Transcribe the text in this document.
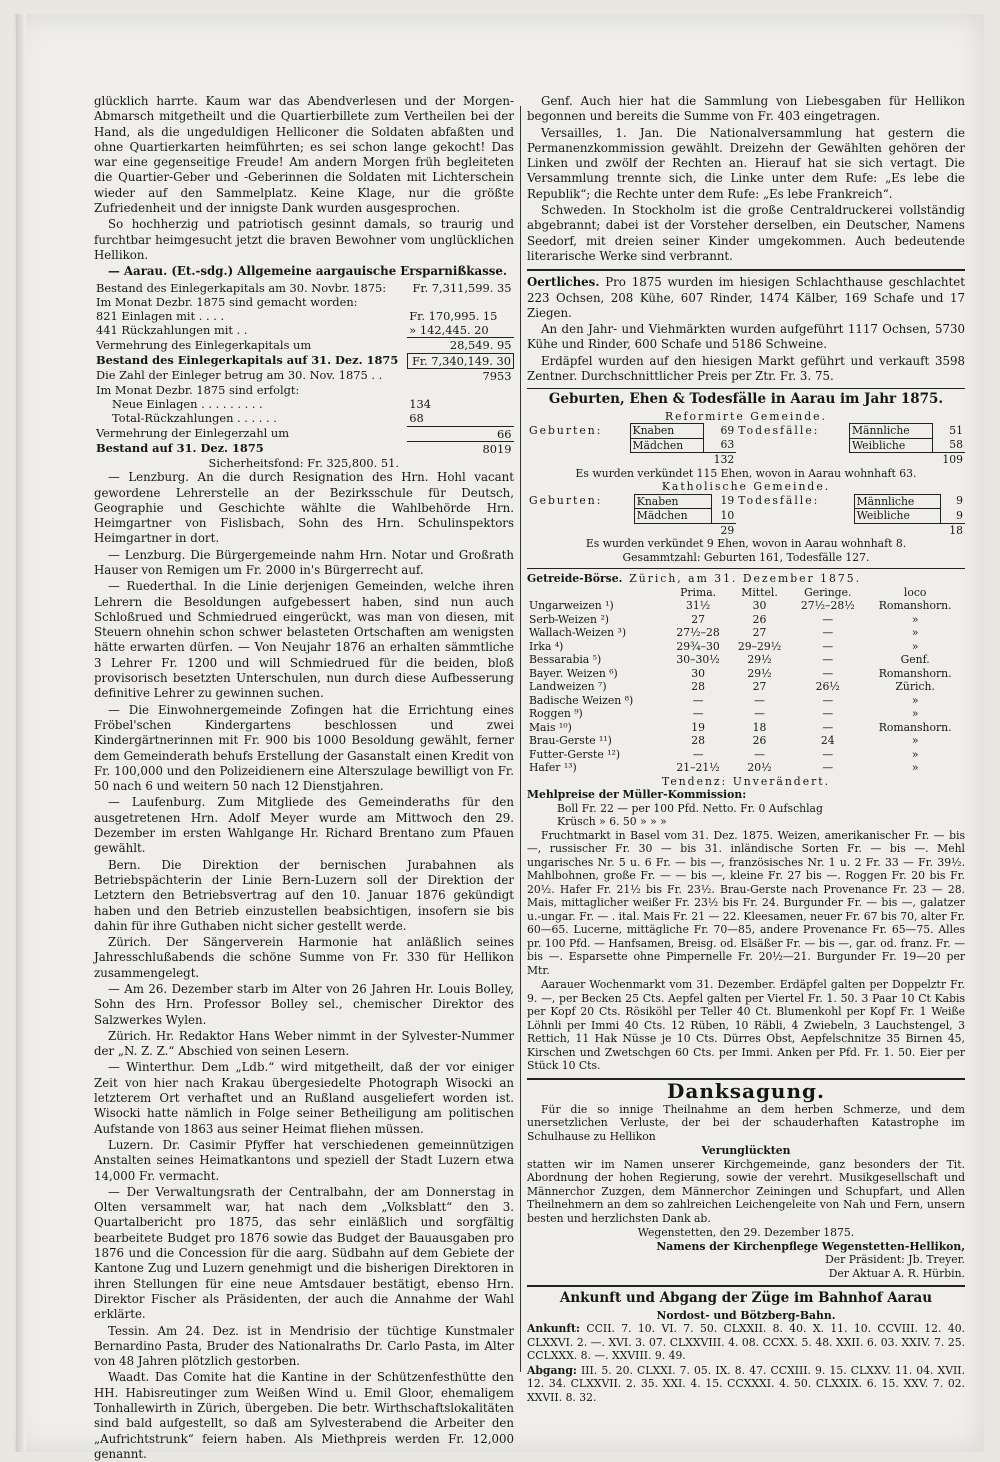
glücklich harrte. Kaum war das Abendverlesen und der Morgen-Abmarsch mitgetheilt und die Quartierbillete zum Vertheilen bei der Hand, als die ungeduldigen Helliconer die Soldaten abfaßten und ohne Quartierkarten heimführten; es sei schon lange gekocht! Das war eine gegenseitige Freude! Am andern Morgen früh begleiteten die Quartier-Geber und -Geberinnen die Soldaten mit Lichterschein wieder auf den Sammelplatz. Keine Klage, nur die größte Zufriedenheit und der innigste Dank wurden ausgesprochen.

So hochherzig und patriotisch gesinnt damals, so traurig und furchtbar heimgesucht jetzt die braven Bewohner vom unglücklichen Hellikon.

— Aarau. (Et.-sdg.) Allgemeine aargauische Ersparnißkasse.

Bestand des Einlegerkapitals am 30. Novbr. 1875:	Fr. 7,311,599. 35
Im Monat Dezbr. 1875 sind gemacht worden:	
821 Einlagen mit . . . .	Fr. 170,995. 15
441 Rückzahlungen mit . .	» 142,445. 20
Vermehrung des Einlegerkapitals um	28,549. 95
Bestand des Einlegerkapitals auf 31. Dez. 1875	Fr. 7,340,149. 30
Die Zahl der Einleger betrug am 30. Nov. 1875 . .	7953
Im Monat Dezbr. 1875 sind erfolgt:	
Neue Einlagen . . . . . . . . .	134
Total-Rückzahlungen . . . . . .	68
Vermehrung der Einlegerzahl um	66
Bestand auf 31. Dez. 1875	8019
Sicherheitsfond: Fr. 325,800. 51.	

— Lenzburg. An die durch Resignation des Hrn. Hohl vacant gewordene Lehrerstelle an der Bezirksschule für Deutsch, Geographie und Geschichte wählte die Wahlbehörde Hrn. Heimgartner von Fislisbach, Sohn des Hrn. Schulinspektors Heimgartner in dort.

— Lenzburg. Die Bürgergemeinde nahm Hrn. Notar und Großrath Hauser von Remigen um Fr. 2000 in's Bürgerrecht auf.

— Ruederthal. In die Linie derjenigen Gemeinden, welche ihren Lehrern die Besoldungen aufgebessert haben, sind nun auch Schloßrued und Schmiedrued eingerückt, was man von diesen, mit Steuern ohnehin schon schwer belasteten Ortschaften am wenigsten hätte erwarten dürfen. — Von Neujahr 1876 an erhalten sämmtliche 3 Lehrer Fr. 1200 und will Schmiedrued für die beiden, bloß provisorisch besetzten Unterschulen, nun durch diese Aufbesserung definitive Lehrer zu gewinnen suchen.

— Die Einwohnergemeinde Zofingen hat die Errichtung eines Fröbel'schen Kindergartens beschlossen und zwei Kindergärtnerinnen mit Fr. 900 bis 1000 Besoldung gewählt, ferner dem Gemeinderath behufs Erstellung der Gasanstalt einen Kredit von Fr. 100,000 und den Polizeidienern eine Alterszulage bewilligt von Fr. 50 nach 6 und weitern 50 nach 12 Dienstjahren.

— Laufenburg. Zum Mitgliede des Gemeinderaths für den ausgetretenen Hrn. Adolf Meyer wurde am Mittwoch den 29. Dezember im ersten Wahlgange Hr. Richard Brentano zum Pfauen gewählt.

Bern. Die Direktion der bernischen Jurabahnen als Betriebspächterin der Linie Bern-Luzern soll der Direktion der Letztern den Betriebsvertrag auf den 10. Januar 1876 gekündigt haben und den Betrieb einzustellen beabsichtigen, insofern sie bis dahin für ihre Guthaben nicht sicher gestellt werde.

Zürich. Der Sängerverein Harmonie hat anläßlich seines Jahresschlußabends die schöne Summe von Fr. 330 für Hellikon zusammengelegt.

— Am 26. Dezember starb im Alter von 26 Jahren Hr. Louis Bolley, Sohn des Hrn. Professor Bolley sel., chemischer Direktor des Salzwerkes Wylen.

Zürich. Hr. Redaktor Hans Weber nimmt in der Sylvester-Nummer der „N. Z. Z.“ Abschied von seinen Lesern.

— Winterthur. Dem „Ldb.“ wird mitgetheilt, daß der vor einiger Zeit von hier nach Krakau übergesiedelte Photograph Wisocki an letzterem Ort verhaftet und an Rußland ausgeliefert worden ist. Wisocki hatte nämlich in Folge seiner Betheiligung am politischen Aufstande von 1863 aus seiner Heimat fliehen müssen.

Luzern. Dr. Casimir Pfyffer hat verschiedenen gemeinnützigen Anstalten seines Heimatkantons und speziell der Stadt Luzern etwa 14,000 Fr. vermacht.

— Der Verwaltungsrath der Centralbahn, der am Donnerstag in Olten versammelt war, hat nach dem „Volksblatt“ den 3. Quartalbericht pro 1875, das sehr einläßlich und sorgfältig bearbeitete Budget pro 1876 sowie das Budget der Bauausgaben pro 1876 und die Concession für die aarg. Südbahn auf dem Gebiete der Kantone Zug und Luzern genehmigt und die bisherigen Direktoren in ihren Stellungen für eine neue Amtsdauer bestätigt, ebenso Hrn. Direktor Fischer als Präsidenten, der auch die Annahme der Wahl erklärte.

Tessin. Am 24. Dez. ist in Mendrisio der tüchtige Kunstmaler Bernardino Pasta, Bruder des Nationalraths Dr. Carlo Pasta, im Alter von 48 Jahren plötzlich gestorben.

Waadt. Das Comite hat die Kantine in der Schützenfesthütte den HH. Habisreutinger zum Weißen Wind u. Emil Gloor, ehemaligem Tonhallewirth in Zürich, übergeben. Die betr. Wirthschaftslokalitäten sind bald aufgestellt, so daß am Sylvesterabend die Arbeiter den „Aufrichtstrunk“ feiern haben. Als Miethpreis werden Fr. 12,000 genannt.

Genf. Auch hier hat die Sammlung von Liebesgaben für Hellikon begonnen und bereits die Summe von Fr. 403 eingetragen.

Versailles, 1. Jan. Die Nationalversammlung hat gestern die Permanenzkommission gewählt. Dreizehn der Gewählten gehören der Linken und zwölf der Rechten an. Hierauf hat sie sich vertagt. Die Versammlung trennte sich, die Linke unter dem Rufe: „Es lebe die Republik“; die Rechte unter dem Rufe: „Es lebe Frankreich“.

Schweden. In Stockholm ist die große Centraldruckerei vollständig abgebrannt; dabei ist der Vorsteher derselben, ein Deutscher, Namens Seedorf, mit dreien seiner Kinder umgekommen. Auch bedeutende literarische Werke sind verbrannt.

Oertliches. Pro 1875 wurden im hiesigen Schlachthause geschlachtet 223 Ochsen, 208 Kühe, 607 Rinder, 1474 Kälber, 169 Schafe und 17 Ziegen.

An den Jahr- und Viehmärkten wurden aufgeführt 1117 Ochsen, 5730 Kühe und Rinder, 600 Schafe und 5186 Schweine.

Erdäpfel wurden auf den hiesigen Markt geführt und verkauft 3598 Zentner. Durchschnittlicher Preis per Ztr. Fr. 3. 75.

Geburten, Ehen & Todesfälle in Aarau im Jahr 1875.
Reformirte Gemeinde.
Geburten:	Knaben	69	Todesfälle:	Männliche	51
	Mädchen	63		Weibliche	58
		132			109
Es wurden verkündet 115 Ehen, wovon in Aarau wohnhaft 63.
Katholische Gemeinde.
Geburten:	Knaben	19	Todesfälle:	Männliche	9
	Mädchen	10		Weibliche	9
		29			18
Es wurden verkündet 9 Ehen, wovon in Aarau wohnhaft 8.
Gesammtzahl: Geburten 161, Todesfälle 127.
Getreide-Börse. Zürich, am 31. Dezember 1875.
	Prima.	Mittel.	Geringe.	loco
Ungarweizen ¹)	31½	30	27½–28½	Romanshorn.
Serb-Weizen ²)	27	26	—	»
Wallach-Weizen ³)	27½–28	27	—	»
Irka ⁴)	29¾–30	29–29½	—	»
Bessarabia ⁵)	30–30½	29½	—	Genf.
Bayer. Weizen ⁶)	30	29½	—	Romanshorn.
Landweizen ⁷)	28	27	26½	Zürich.
Badische Weizen ⁸)	—	—	—	»
Roggen ⁹)	—	—	—	»
Mais ¹⁰)	19	18	—	Romanshorn.
Brau-Gerste ¹¹)	28	26	24	»
Futter-Gerste ¹²)	—	—	—	»
Hafer ¹³)	21–21½	20½	—	»
Tendenz: Unverändert.
Mehlpreise der Müller-Kommission:
Boll Fr. 22 — per 100 Pfd. Netto. Fr. 0 Aufschlag
Krüsch » 6. 50 » » »

Fruchtmarkt in Basel vom 31. Dez. 1875. Weizen, amerikanischer Fr. — bis —, russischer Fr. 30 — bis 31. inländische Sorten Fr. — bis —. Mehl ungarisches Nr. 5 u. 6 Fr. — bis —, französisches Nr. 1 u. 2 Fr. 33 — Fr. 39½. Mahlbohnen, große Fr. — — bis —, kleine Fr. 27 bis —. Roggen Fr. 20 bis Fr. 20½. Hafer Fr. 21½ bis Fr. 23½. Brau-Gerste nach Provenance Fr. 23 — 28. Mais, mittaglicher weißer Fr. 23½ bis Fr. 24. Burgunder Fr. — bis —, galatzer u.-ungar. Fr. — . ital. Mais Fr. 21 — 22. Kleesamen, neuer Fr. 67 bis 70, alter Fr. 60—65. Lucerne, mittägliche Fr. 70—85, andere Provenance Fr. 65—75. Alles pr. 100 Pfd. — Hanfsamen, Breisg. od. Elsäßer Fr. — bis —, gar. od. franz. Fr. — bis —. Esparsette ohne Pimpernelle Fr. 20½—21. Burgunder Fr. 19—20 per Mtr.

Aarauer Wochenmarkt vom 31. Dezember. Erdäpfel galten per Doppelztr Fr. 9. —, per Becken 25 Cts. Aepfel galten per Viertel Fr. 1. 50. 3 Paar 10 Ct Kabis per Kopf 20 Cts. Rösiköhl per Teller 40 Ct. Blumenkohl per Kopf Fr. 1 Weiße Löhnli per Immi 40 Cts. 12 Rüben, 10 Räbli, 4 Zwiebeln, 3 Lauchstengel, 3 Rettich, 11 Hak Nüsse je 10 Cts. Dürres Obst, Aepfelschnitze 35 Birnen 45, Kirschen und Zwetschgen 60 Cts. per Immi. Anken per Pfd. Fr. 1. 50. Eier per Stück 10 Cts.

Danksagung.

Für die so innige Theilnahme an dem herben Schmerze, und dem unersetzlichen Verluste, der bei der schauderhaften Katastrophe im Schulhause zu Hellikon

Verunglückten

statten wir im Namen unserer Kirchgemeinde, ganz besonders der Tit. Abordnung der hohen Regierung, sowie der verehrt. Musikgesellschaft und Männerchor Zuzgen, dem Männerchor Zeiningen und Schupfart, und Allen Theilnehmern an dem so zahlreichen Leichengeleite von Nah und Fern, unsern besten und herzlichsten Dank ab.

Wegenstetten, den 29. Dezember 1875.
Namens der Kirchenpflege Wegenstetten-Hellikon,
Der Präsident: Jb. Treyer.
Der Aktuar A. R. Hürbin.
Ankunft und Abgang der Züge im Bahnhof Aarau
Nordost- und Bötzberg-Bahn.

Ankunft: CCII. 7. 10. VI. 7. 50. CLXXII. 8. 40. X. 11. 10. CCVIII. 12. 40. CLXXVI. 2. —. XVI. 3. 07. CLXXVIII. 4. 08. CCXX. 5. 48. XXII. 6. 03. XXIV. 7. 25. CCLXXX. 8. —. XXVIII. 9. 49.

Abgang: III. 5. 20. CLXXI. 7. 05. IX. 8. 47. CCXIII. 9. 15. CLXXV. 11. 04. XVII. 12. 34. CLXXVII. 2. 35. XXI. 4. 15. CCXXXI. 4. 50. CLXXIX. 6. 15. XXV. 7. 02. XXVII. 8. 32.
